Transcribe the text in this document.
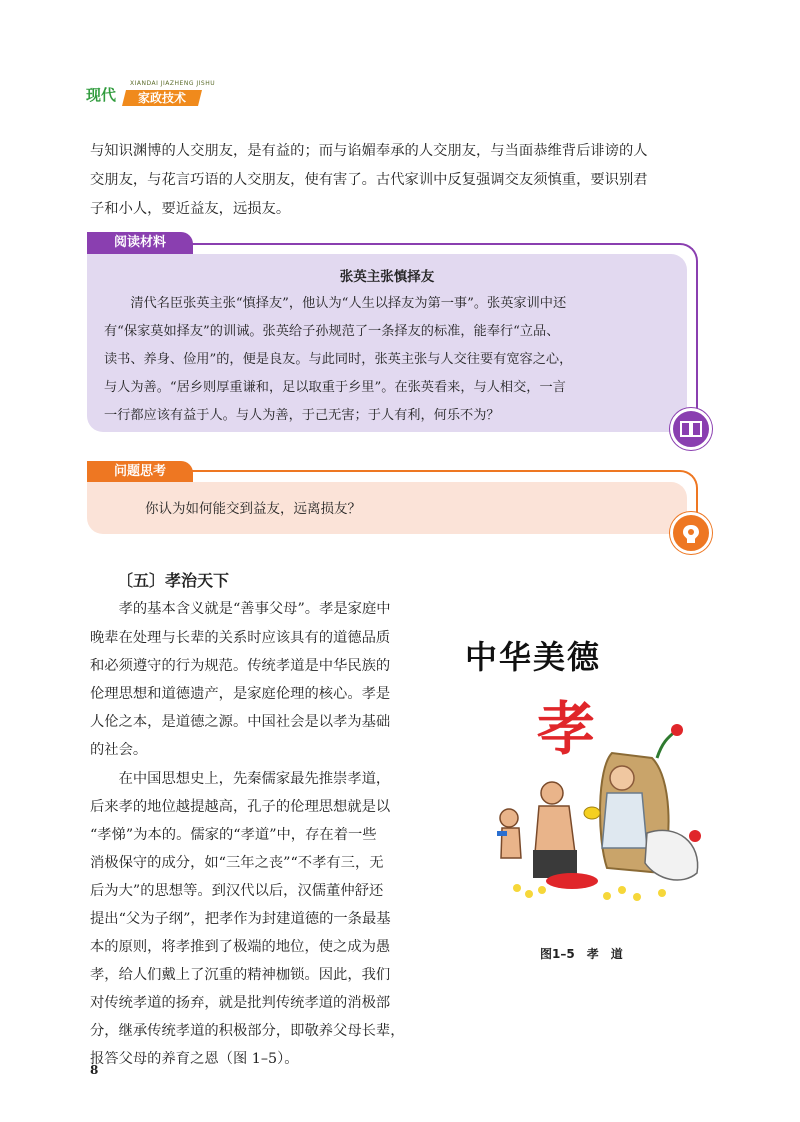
现代
XIANDAI JIAZHENG JISHU
家政技术
与知识渊博的人交朋友，是有益的；而与谄媚奉承的人交朋友，与当面恭维背后诽谤的人
交朋友，与花言巧语的人交朋友，使有害了。古代家训中反复强调交友须慎重，要识别君
子和小人，要近益友，远损友。
阅读材料
张英主张慎择友
　　清代名臣张英主张“慎择友”，他认为“人生以择友为第一事”。张英家训中还
有“保家莫如择友”的训诫。张英给子孙规范了一条择友的标准，能奉行“立品、
读书、养身、俭用”的，便是良友。与此同时，张英主张与人交往要有宽容之心，
与人为善。“居乡则厚重谦和，足以取重于乡里”。在张英看来，与人相交，一言
一行都应该有益于人。与人为善，于己无害；于人有利，何乐不为？
问题思考
你认为如何能交到益友，远离损友？
〔五〕孝治天下
　　孝的基本含义就是“善事父母”。孝是家庭中
晚辈在处理与长辈的关系时应该具有的道德品质
和必须遵守的行为规范。传统孝道是中华民族的
伦理思想和道德遗产，是家庭伦理的核心。孝是
人伦之本，是道德之源。中国社会是以孝为基础
的社会。
　　在中国思想史上，先秦儒家最先推崇孝道，
后来孝的地位越提越高，孔子的伦理思想就是以
“孝悌”为本的。儒家的“孝道”中，存在着一些
消极保守的成分，如“三年之丧”“不孝有三，无
后为大”的思想等。到汉代以后，汉儒董仲舒还
提出“父为子纲”，把孝作为封建道德的一条最基
本的原则，将孝推到了极端的地位，使之成为愚
孝，给人们戴上了沉重的精神枷锁。因此，我们
对传统孝道的扬弃，就是批判传统孝道的消极部
分，继承传统孝道的积极部分，即敬养父母长辈，
报答父母的养育之恩（图 1–5）。
中华美德
孝
图1–5　孝　道
8
